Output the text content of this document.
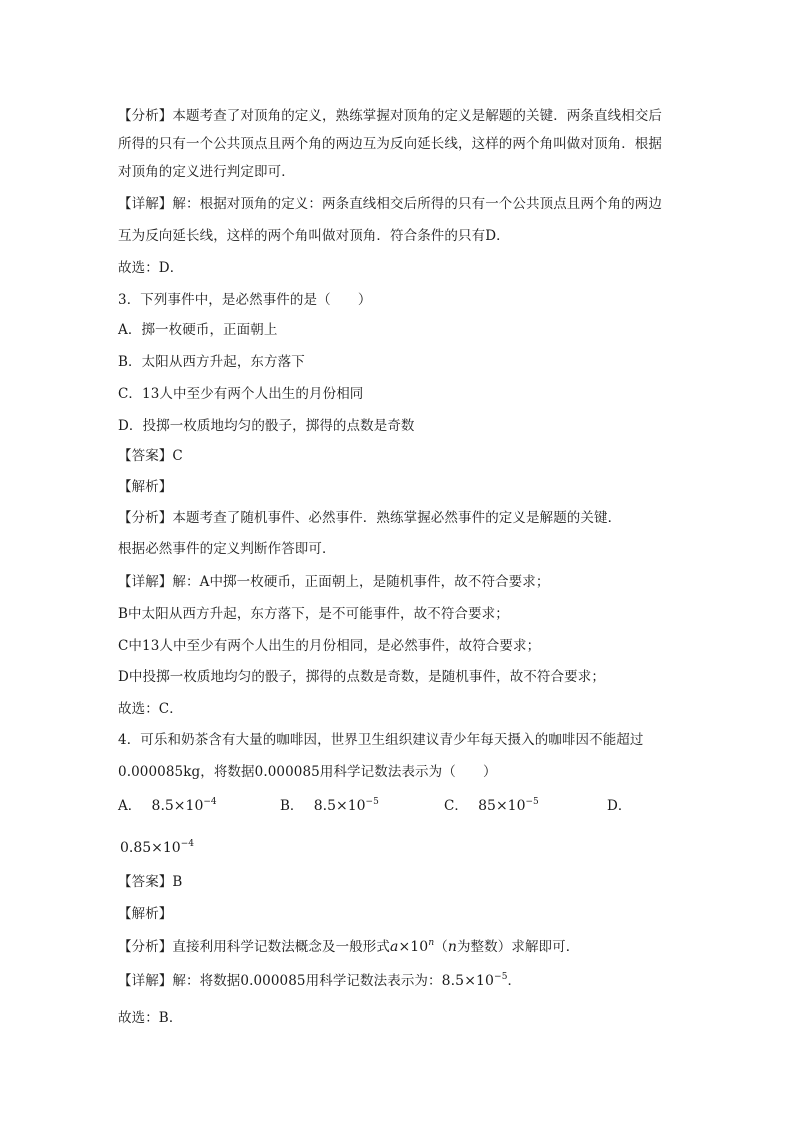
【分析】本题考查了对顶角的定义，熟练掌握对顶角的定义是解题的关键．两条直线相交后
所得的只有一个公共顶点且两个角的两边互为反向延长线，这样的两个角叫做对顶角．根据
对顶角的定义进行判定即可．
【详解】解：根据对顶角的定义：两条直线相交后所得的只有一个公共顶点且两个角的两边
互为反向延长线，这样的两个角叫做对顶角．符合条件的只有D．
故选：D．
3．下列事件中，是必然事件的是（　　）
A．掷一枚硬币，正面朝上
B．太阳从西方升起，东方落下
C．13人中至少有两个人出生的月份相同
D．投掷一枚质地均匀的骰子，掷得的点数是奇数
【答案】C
【解析】
【分析】本题考查了随机事件、必然事件．熟练掌握必然事件的定义是解题的关键．
根据必然事件的定义判断作答即可．
【详解】解：A中掷一枚硬币，正面朝上，是随机事件，故不符合要求；
B中太阳从西方升起，东方落下，是不可能事件，故不符合要求；
C中13人中至少有两个人出生的月份相同，是必然事件，故符合要求；
D中投掷一枚质地均匀的骰子，掷得的点数是奇数，是随机事件，故不符合要求；
故选：C．
4．可乐和奶茶含有大量的咖啡因，世界卫生组织建议青少年每天摄入的咖啡因不能超过
0.000085kg，将数据0.000085用科学记数法表示为（　　）
A． $8.5\times 10^{-4}$	B． $8.5\times 10^{-5}$	C． $85\times 10^{-5}$	D．
$0.85\times 10^{-4}$
【答案】B
【解析】
【分析】直接利用科学记数法概念及一般形式$a\times 10^n(n$为整数）求解即可．
【详解】解：将数据0.000085用科学记数法表示为：$8.5\times 10^{-5}$．
故选：B．
